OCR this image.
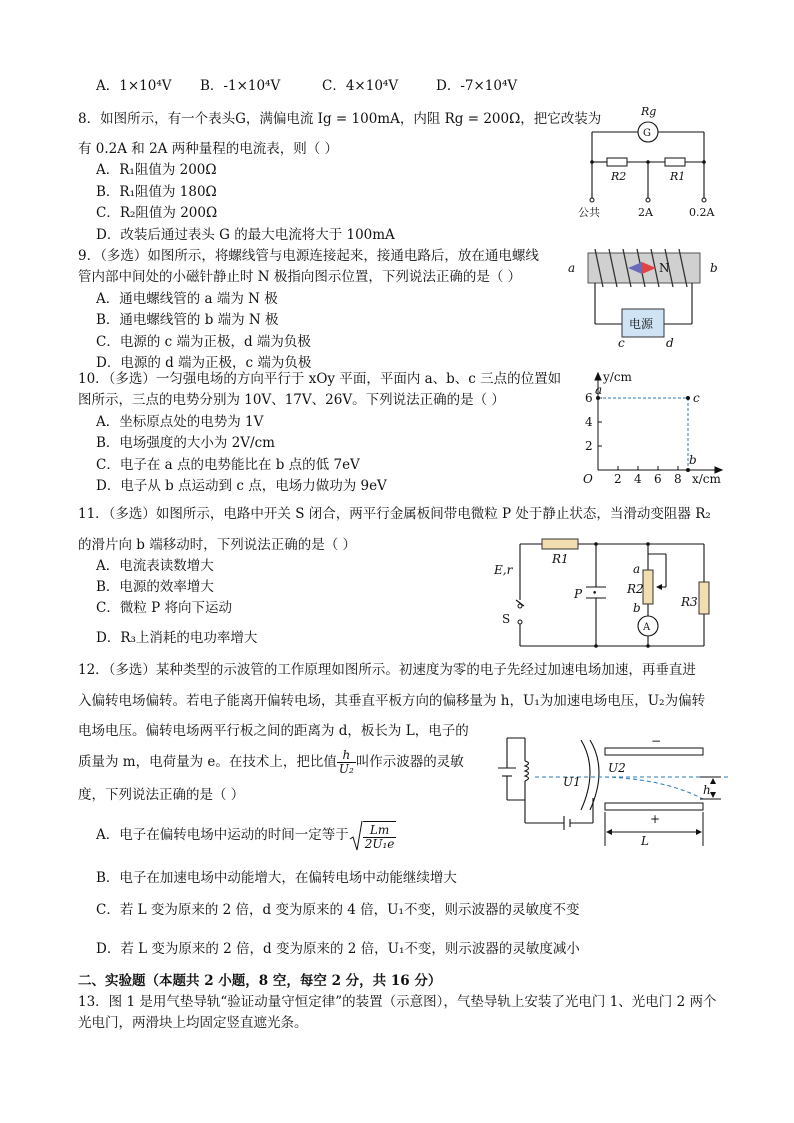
A．1×10⁴V B．-1×10⁴V	C．4×10⁴V	D．-7×10⁴V
8．如图所示，有一个表头G，满偏电流 Ig = 100mA，内阻 Rg = 200Ω，把它改装为
有 0.2A 和 2A 两种量程的电流表，则（ ）
A．R₁阻值为 200Ω
B．R₁阻值为 180Ω
C．R₂阻值为 200Ω
D．改装后通过表头 G 的最大电流将大于 100mA
Rg
G
R2	R1
公共	2A	0.2A
9．（多选）如图所示，将螺线管与电源连接起来，接通电路后，放在通电螺线
管内部中间处的小磁针静止时 N 极指向图示位置，下列说法正确的是（ ）
A．通电螺线管的 a 端为 N 极
B．通电螺线管的 b 端为 N 极
C．电源的 c 端为正极，d 端为负极
D．电源的 d 端为正极，c 端为负极
a	b
N
电源
c	d
10．（多选）一匀强电场的方向平行于 xOy 平面，平面内 a、b、c 三点的位置如
图所示，三点的电势分别为 10V、17V、26V。下列说法正确的是（ ）
A．坐标原点处的电势为 1V
B．电场强度的大小为 2V/cm
C．电子在 a 点的电势能比在 b 点的低 7eV
D．电子从 b 点运动到 c 点，电场力做功为 9eV
y/cm
x/cm
O
a
b
c
2 4 6 8
2
4
6
11．（多选）如图所示，电路中开关 S 闭合，两平行金属板间带电微粒 P 处于静止状态，当滑动变阻器 R₂
的滑片向 b 端移动时，下列说法正确的是（ ）
A．电流表读数增大
B．电源的效率增大
C．微粒 P 将向下运动
D．R₃上消耗的电功率增大
•
E,r
R1
S
P
a
b
R2
R3
A
12．（多选）某种类型的示波管的工作原理如图所示。初速度为零的电子先经过加速电场加速，再垂直进
入偏转电场偏转。若电子能离开偏转电场，其垂直平板方向的偏移量为 h，U₁为加速电场电压，U₂为偏转
电场电压。偏转电场两平行板之间的距离为 d，板长为 L，电子的
质量为 m，电荷量为 e。在技术上，把比值 $\frac{h}{\text{U₂}}$ 叫作示波器的灵敏
度，下列说法正确的是（ ）
A．电子在偏转电场中运动的时间一定等于 $\frac{Lm}{\text{2U₁e}}$
B．电子在加速电场中动能增大，在偏转电场中动能继续增大
C．若 L 变为原来的 2 倍，d 变为原来的 4 倍，U₁不变，则示波器的灵敏度不变
D．若 L 变为原来的 2 倍，d 变为原来的 2 倍，U₁不变，则示波器的灵敏度减小
U1
U2
−
+
h
L
二、实验题（本题共 2 小题，8 空，每空 2 分，共 16 分）
13．图 1 是用气垫导轨“验证动量守恒定律”的装置（示意图），气垫导轨上安装了光电门 1、光电门 2 两个
光电门，两滑块上均固定竖直遮光条。
